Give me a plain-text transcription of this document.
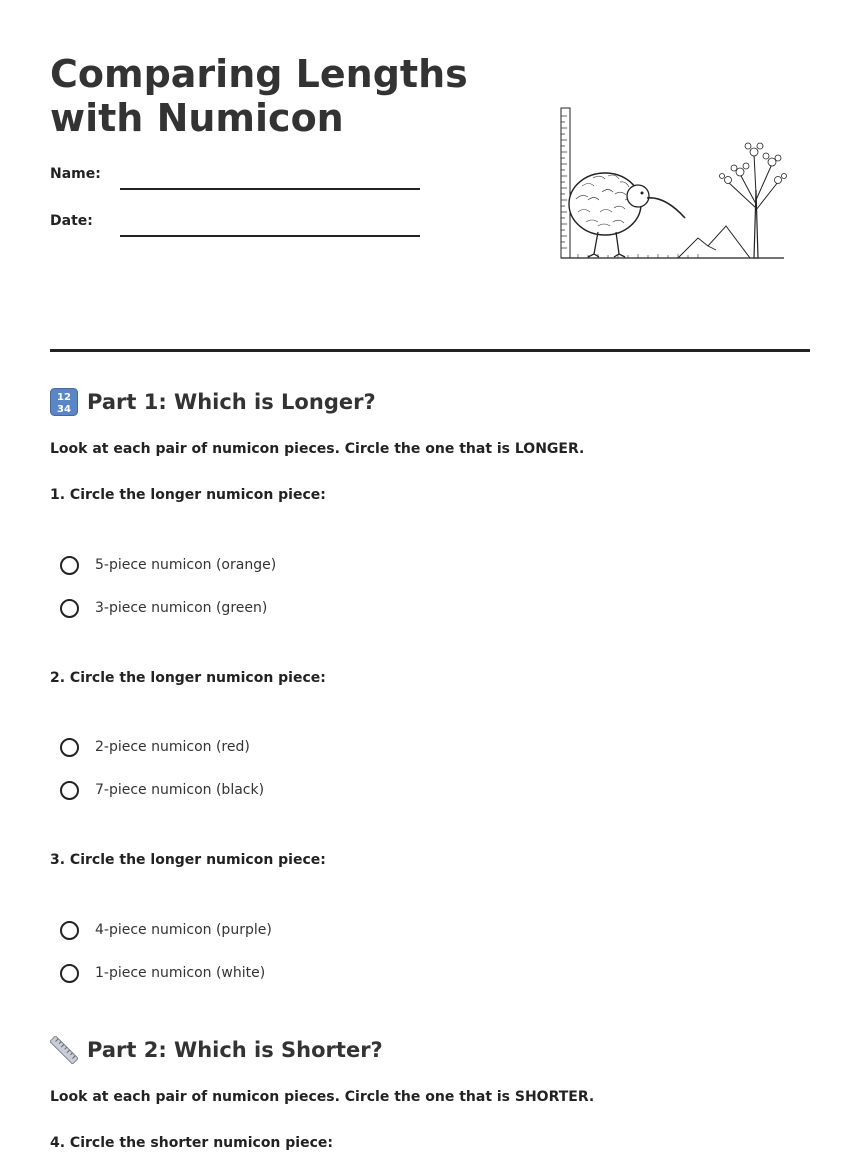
Comparing Lengths
with Numicon
Name:
Date:
12
34 Part 1: Which is Longer?
Look at each pair of numicon pieces. Circle the one that is LONGER.
1. Circle the longer numicon piece:
5-piece numicon (orange)
3-piece numicon (green)
2. Circle the longer numicon piece:
2-piece numicon (red)
7-piece numicon (black)
3. Circle the longer numicon piece:
4-piece numicon (purple)
1-piece numicon (white)
Part 2: Which is Shorter?
Look at each pair of numicon pieces. Circle the one that is SHORTER.
4. Circle the shorter numicon piece:
